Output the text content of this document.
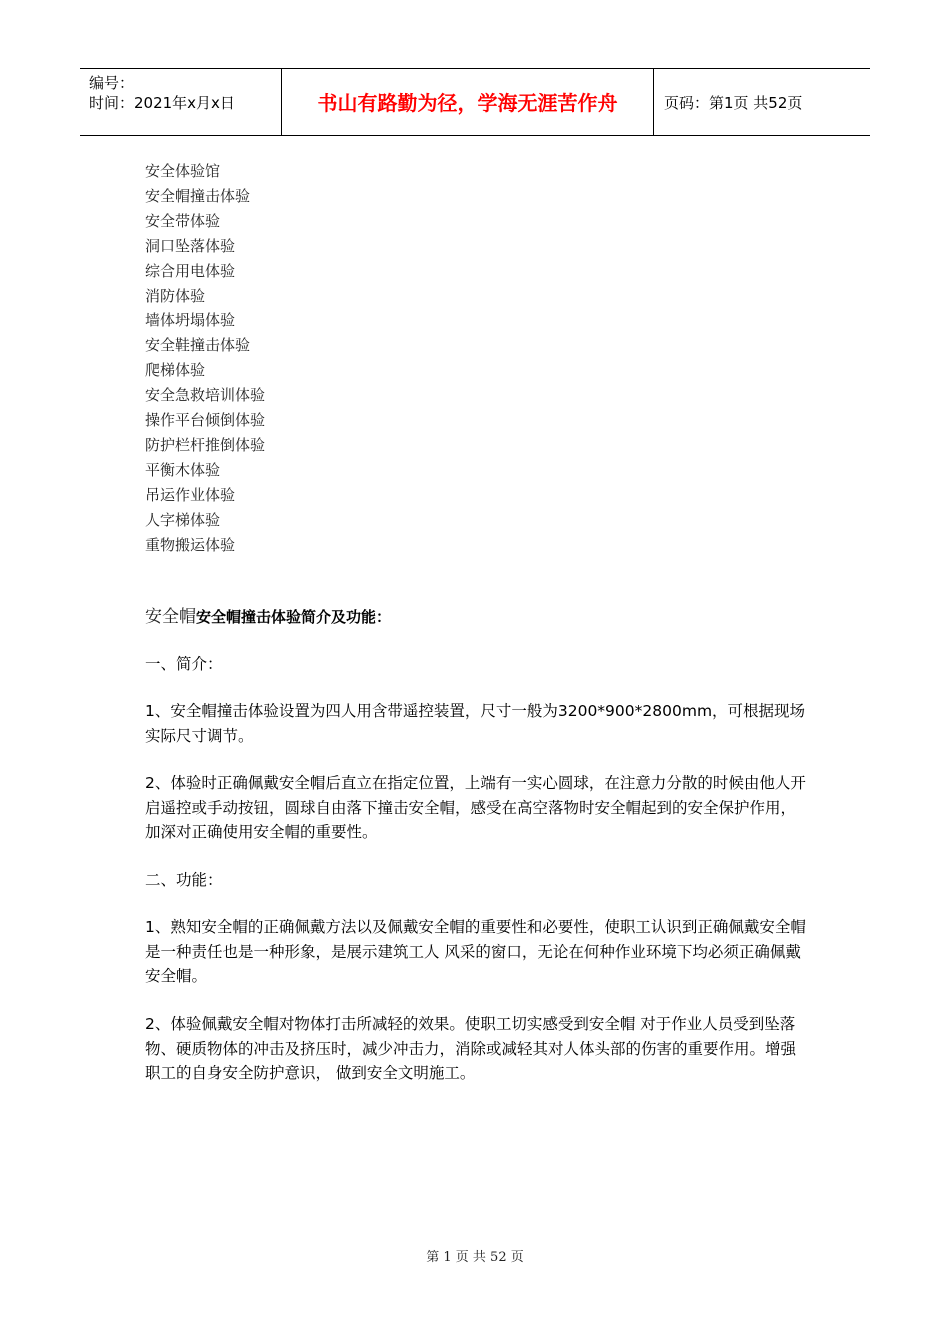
编号：
时间：2021年x月x日	书山有路勤为径，学海无涯苦作舟	页码：第1页 共52页
安全体验馆
安全帽撞击体验
安全带体验
洞口坠落体验
综合用电体验
消防体验
墙体坍塌体验
安全鞋撞击体验
爬梯体验
安全急救培训体验
操作平台倾倒体验
防护栏杆推倒体验
平衡木体验
吊运作业体验
人字梯体验
重物搬运体验
安全帽安全帽撞击体验简介及功能：

一、简介：

1、安全帽撞击体验设置为四人用含带遥控装置，尺寸一般为3200*900*2800mm，可根据现场实际尺寸调节。

2、体验时正确佩戴安全帽后直立在指定位置，上端有一实心圆球，在注意力分散的时候由他人开启遥控或手动按钮，圆球自由落下撞击安全帽，感受在高空落物时安全帽起到的安全保护作用，加深对正确使用安全帽的重要性。

二、功能：

1、熟知安全帽的正确佩戴方法以及佩戴安全帽的重要性和必要性，使职工认识到正确佩戴安全帽是一种责任也是一种形象，是展示建筑工人 风采的窗口，无论在何种作业环境下均必须正确佩戴安全帽。

2、体验佩戴安全帽对物体打击所减轻的效果。使职工切实感受到安全帽 对于作业人员受到坠落物、硬质物体的冲击及挤压时，减少冲击力，消除或减轻其对人体头部的伤害的重要作用。增强职工的自身安全防护意识， 做到安全文明施工。

第 1 页 共 52 页
